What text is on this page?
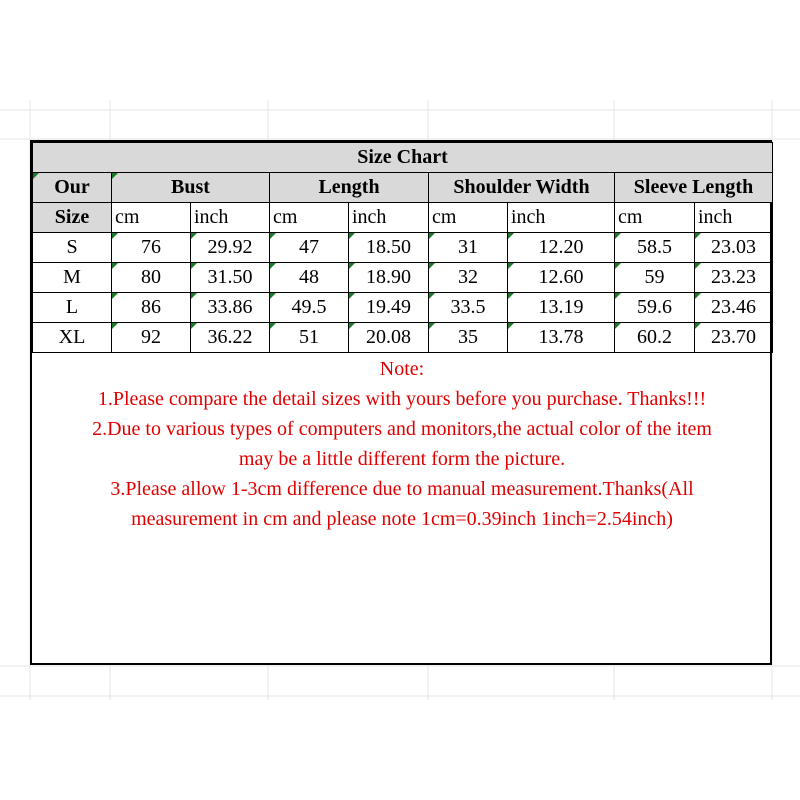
Size Chart								
Our	Bust		Length		Shoulder Width		Sleeve Length	
Size	cm	inch	cm	inch	cm	inch	cm	inch
S	76	29.92	47	18.50	31	12.20	58.5	23.03
M	80	31.50	48	18.90	32	12.60	59	23.23
L	86	33.86	49.5	19.49	33.5	13.19	59.6	23.46
XL	92	36.22	51	20.08	35	13.78	60.2	23.70
Note:
1.Please compare the detail sizes with yours before you purchase. Thanks!!!
2.Due to various types of computers and monitors,the actual color of the item
may be a little different form the picture.
3.Please allow 1-3cm difference due to manual measurement.Thanks(All
measurement in cm and please note 1cm=0.39inch 1inch=2.54inch)
